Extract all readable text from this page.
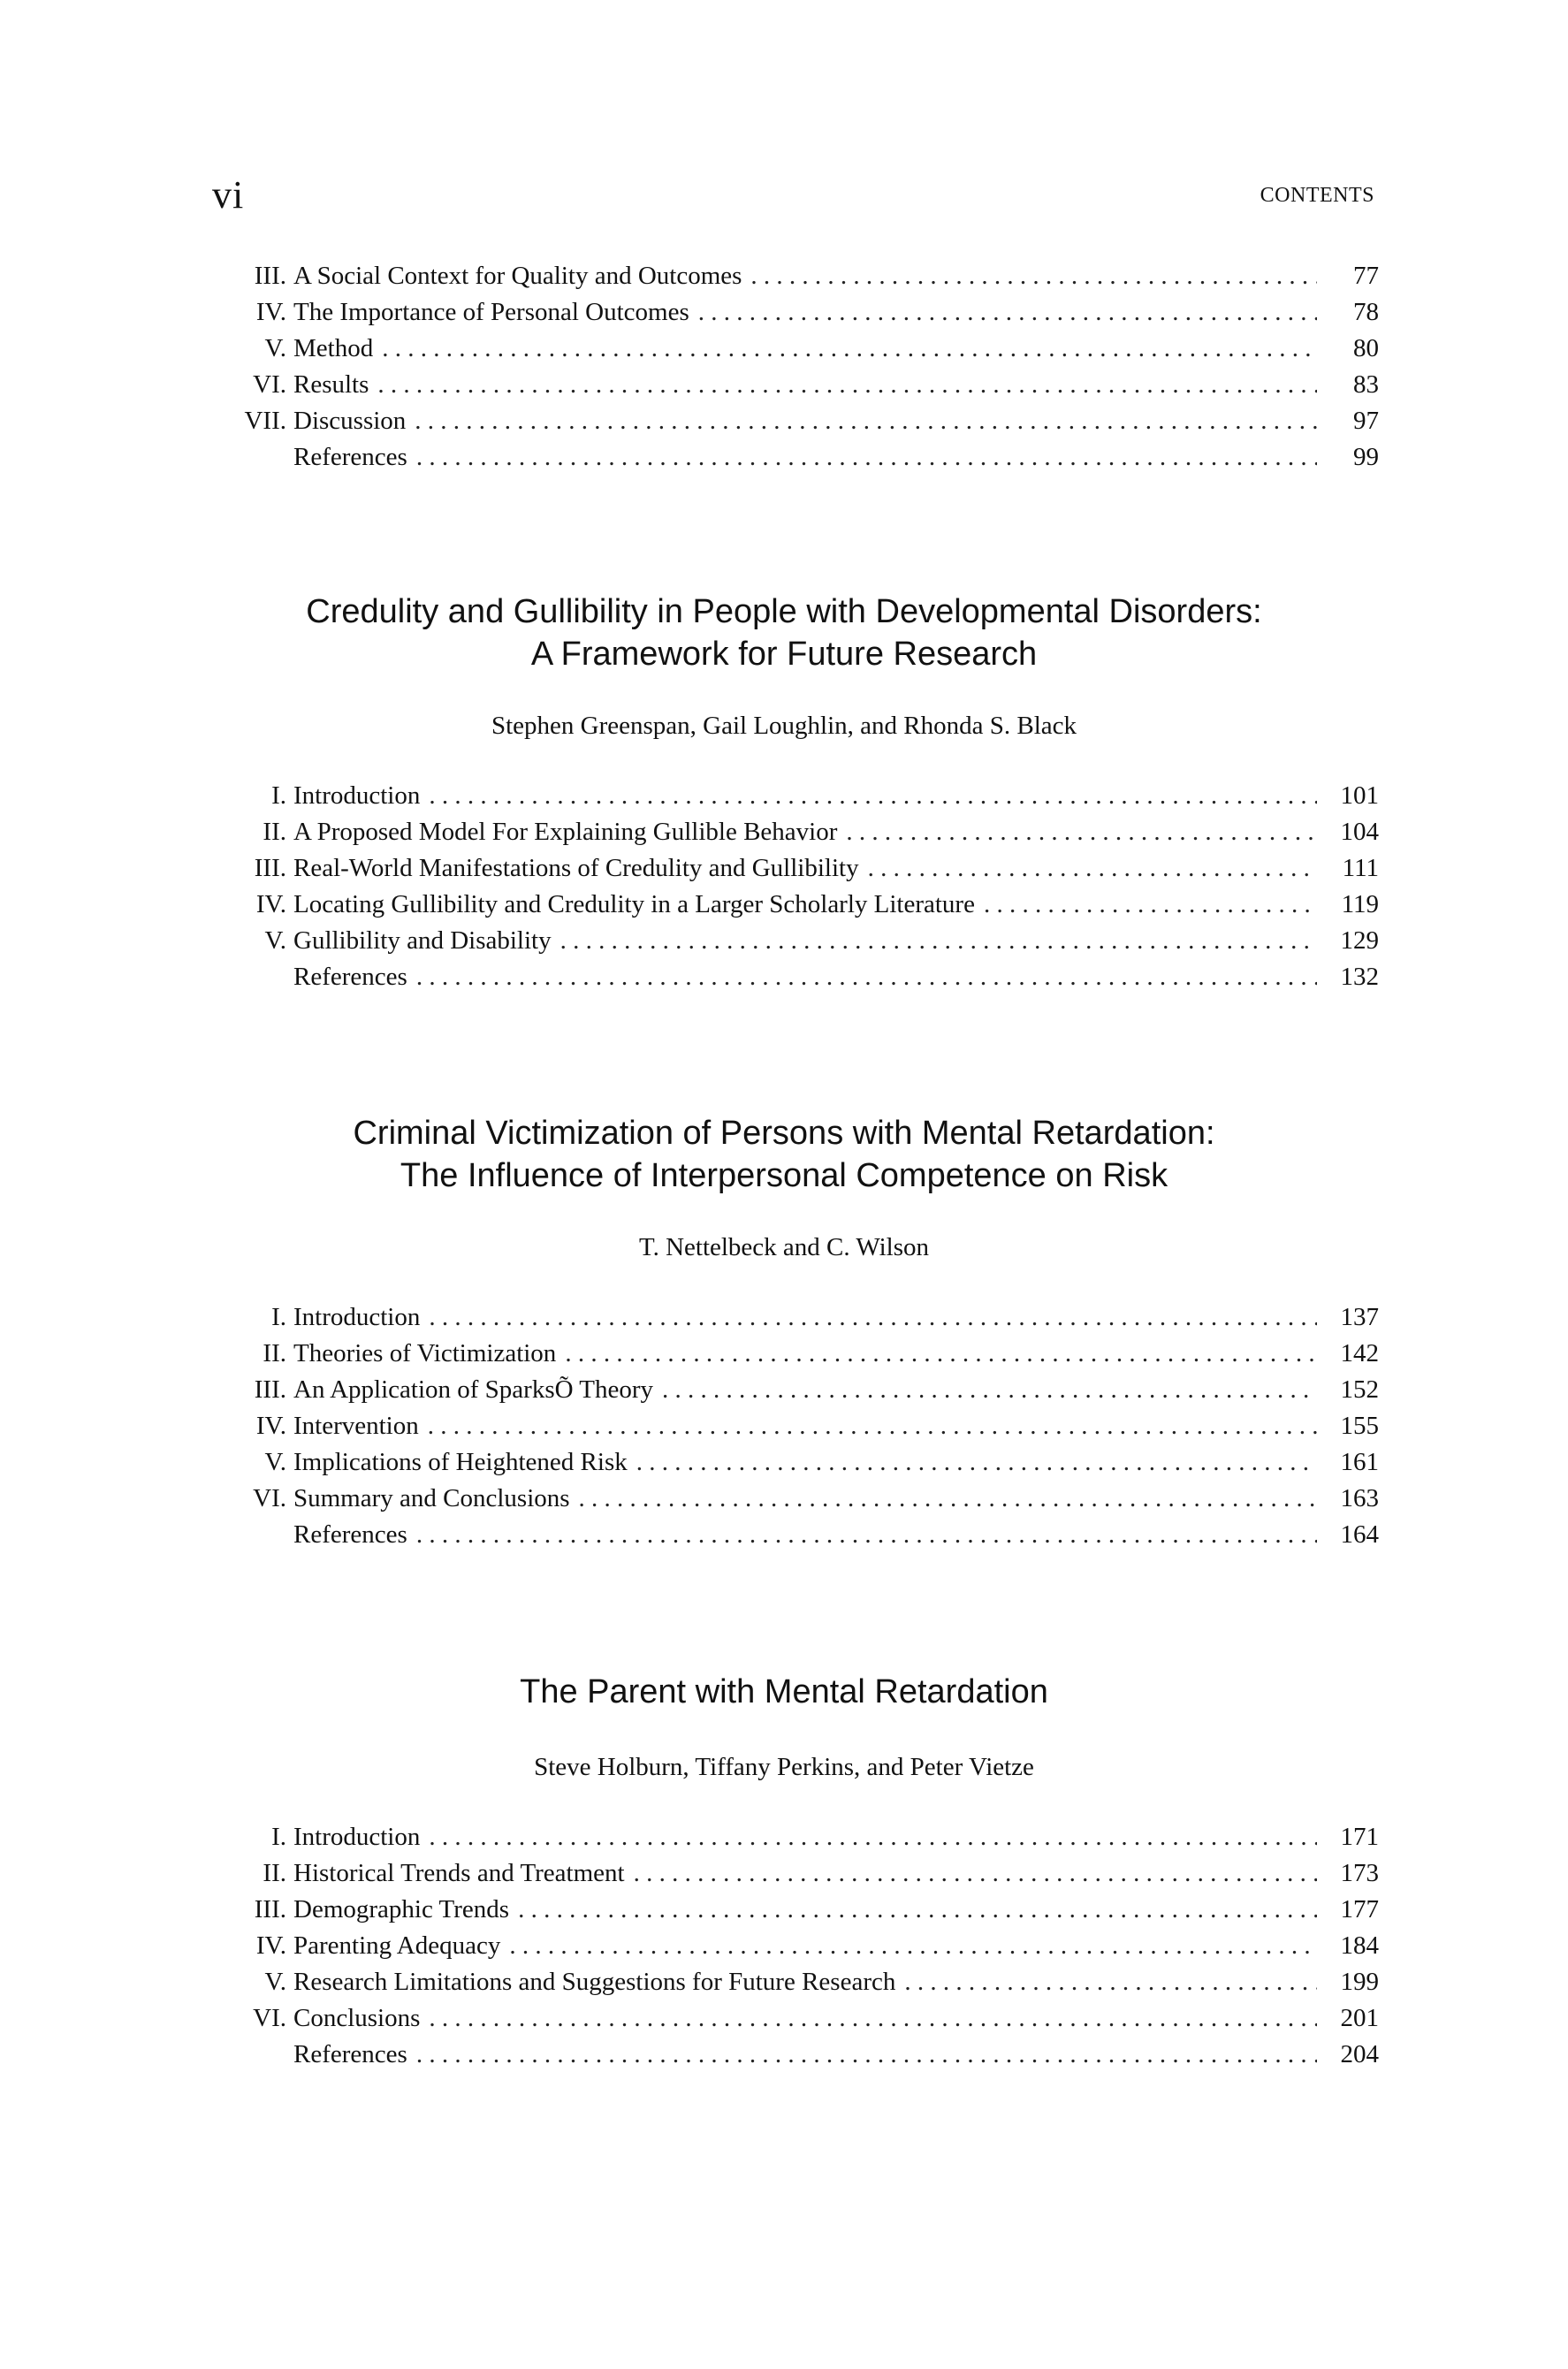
vi	CONTENTS
III. A Social Context for Quality and Outcomes . . .	77
IV. The Importance of Personal Outcomes . . .	78
V. Method . . .	80
VI. Results . . .	83
VII. Discussion . . .	97
References . . .	99
Credulity and Gullibility in People with Developmental Disorders:
A Framework for Future Research
Stephen Greenspan, Gail Loughlin, and Rhonda S. Black
I. Introduction . . .	101
II. A Proposed Model For Explaining Gullible Behavior . . .	104
III. Real-World Manifestations of Credulity and Gullibility . . .	111
IV. Locating Gullibility and Credulity in a Larger Scholarly Literature . . .	119
V. Gullibility and Disability . . .	129
References . . .	132
Criminal Victimization of Persons with Mental Retardation:
The Influence of Interpersonal Competence on Risk
T. Nettelbeck and C. Wilson
I. Introduction . . .	137
II. Theories of Victimization . . .	142
III. An Application of SparksÕ Theory . . .	152
IV. Intervention . . .	155
V. Implications of Heightened Risk . . .	161
VI. Summary and Conclusions . . .	163
References . . .	164
The Parent with Mental Retardation
Steve Holburn, Tiffany Perkins, and Peter Vietze
I. Introduction . . .	171
II. Historical Trends and Treatment . . .	173
III. Demographic Trends . . .	177
IV. Parenting Adequacy . . .	184
V. Research Limitations and Suggestions for Future Research . . .	199
VI. Conclusions . . .	201
References . . .	204
